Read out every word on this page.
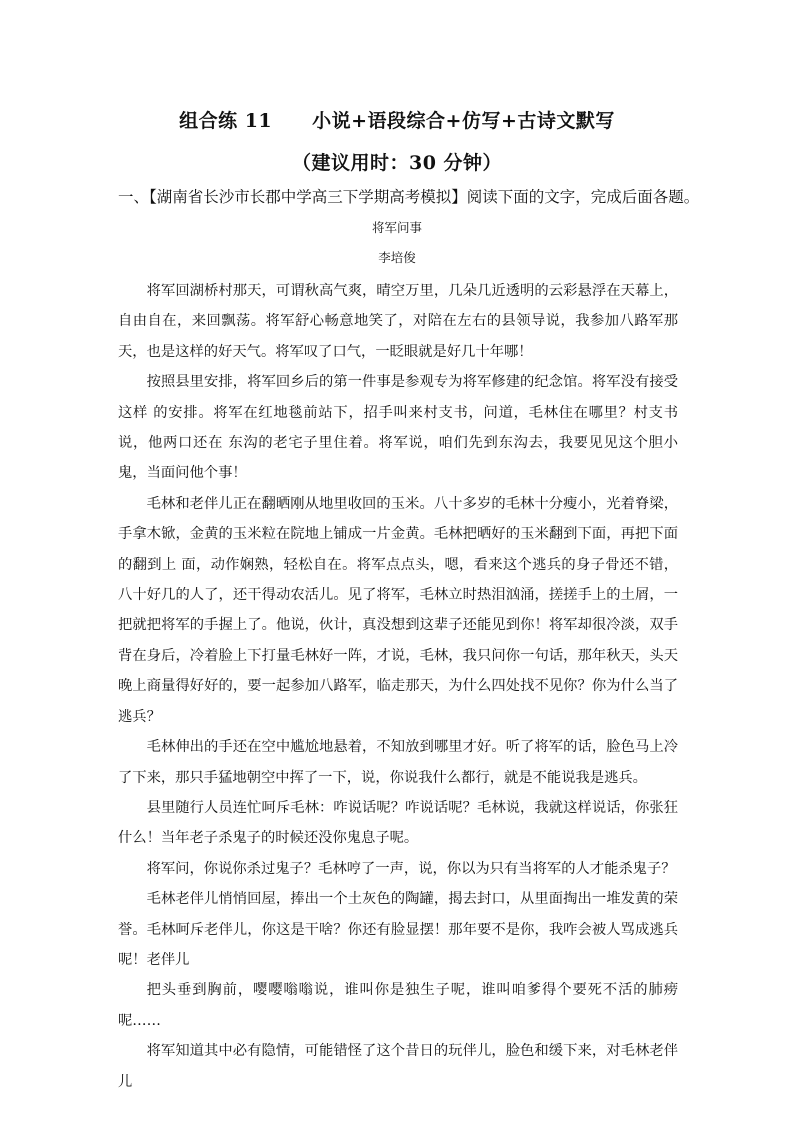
组合练 11 小说+语段综合+仿写+古诗文默写
（建议用时：30 分钟）
一、【湖南省长沙市长郡中学高三下学期高考模拟】阅读下面的文字，完成后面各题。
将军问事
李培俊

将军回湖桥村那天，可谓秋高气爽，晴空万里，几朵几近透明的云彩悬浮在天幕上，自由自在，来回飘荡。将军舒心畅意地笑了，对陪在左右的县领导说，我参加八路军那天，也是这样的好天气。将军叹了口气，一眨眼就是好几十年哪！

按照县里安排，将军回乡后的第一件事是参观专为将军修建的纪念馆。将军没有接受这样 的安排。将军在红地毯前站下，招手叫来村支书，问道，毛林住在哪里？村支书说，他两口还在 东沟的老宅子里住着。将军说，咱们先到东沟去，我要见见这个胆小鬼，当面问他个事！

毛林和老伴儿正在翻晒刚从地里收回的玉米。八十多岁的毛林十分瘦小，光着脊梁，手拿木锨，金黄的玉米粒在院地上铺成一片金黄。毛林把晒好的玉米翻到下面，再把下面的翻到上 面，动作娴熟，轻松自在。将军点点头，嗯，看来这个逃兵的身子骨还不错，八十好几的人了，还干得动农活儿。见了将军，毛林立时热泪汹涌，搓搓手上的土屑，一把就把将军的手握上了。他说，伙计，真没想到这辈子还能见到你！将军却很冷淡，双手背在身后，冷着脸上下打量毛林好一阵，才说，毛林，我只问你一句话，那年秋天，头天晚上商量得好好的，要一起参加八路军，临走那天，为什么四处找不见你？你为什么当了逃兵？

毛林伸出的手还在空中尴尬地悬着，不知放到哪里才好。听了将军的话，脸色马上冷了下来，那只手猛地朝空中挥了一下，说，你说我什么都行，就是不能说我是逃兵。

县里随行人员连忙呵斥毛林：咋说话呢？咋说话呢？毛林说，我就这样说话，你张狂什么！当年老子杀鬼子的时候还没你鬼息子呢。

将军问，你说你杀过鬼子？毛林哼了一声，说，你以为只有当将军的人才能杀鬼子？

毛林老伴儿悄悄回屋，捧出一个土灰色的陶罐，揭去封口，从里面掏出一堆发黄的荣誉。毛林呵斥老伴儿，你这是干啥？你还有脸显摆！那年要不是你，我咋会被人骂成逃兵呢！老伴儿

把头垂到胸前，嘤嘤嗡嗡说，谁叫你是独生子呢，谁叫咱爹得个要死不活的肺痨呢……

将军知道其中必有隐情，可能错怪了这个昔日的玩伴儿，脸色和缓下来，对毛林老伴儿
